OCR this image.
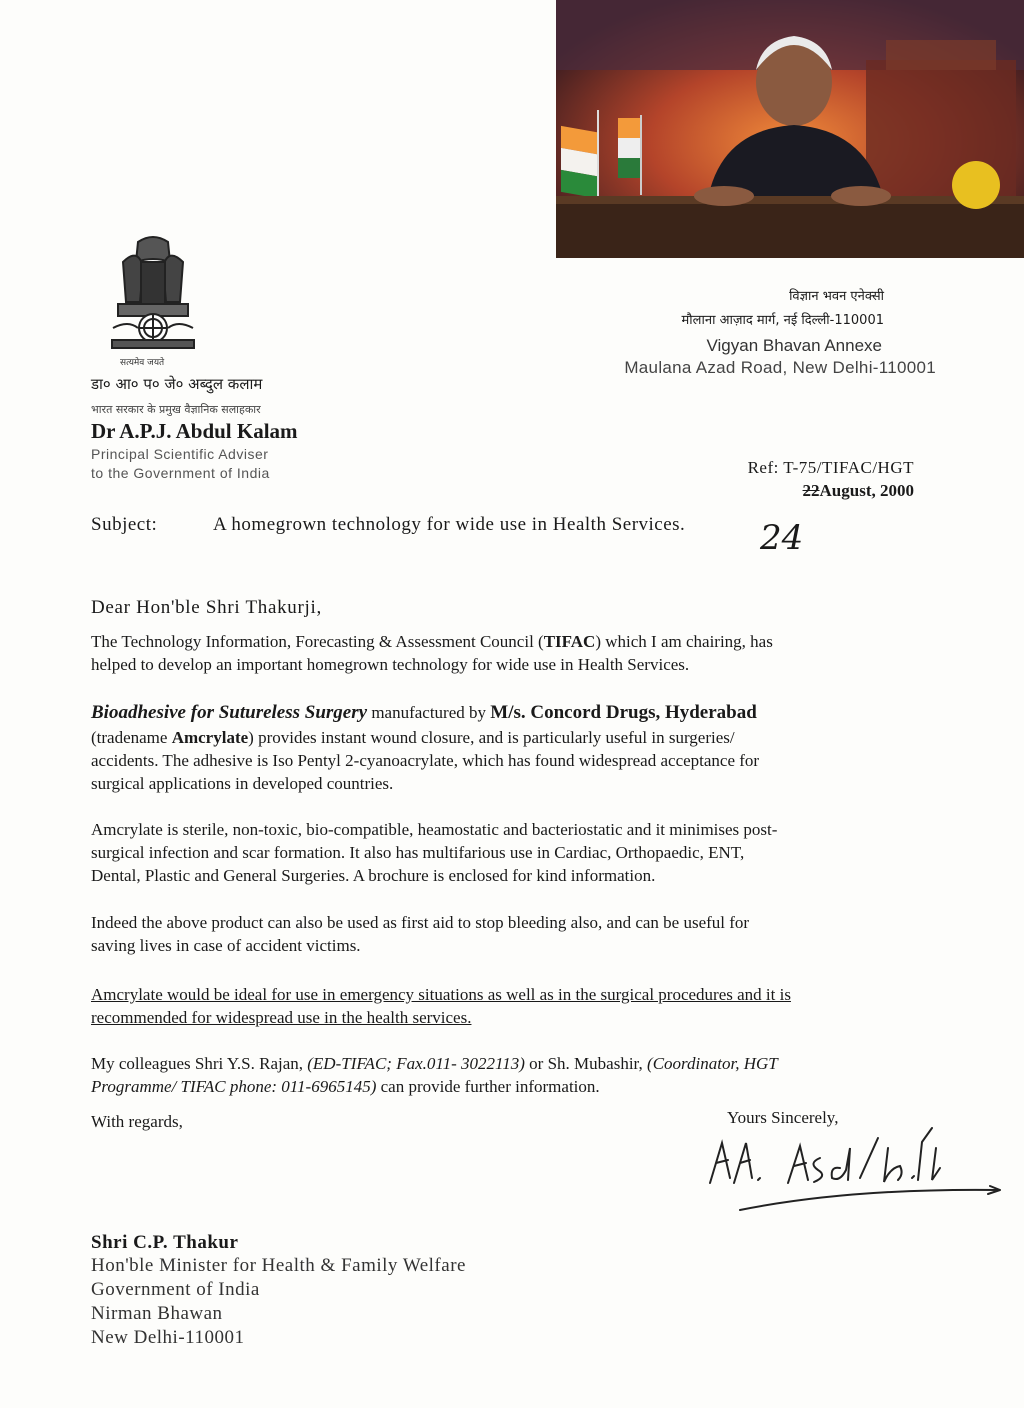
सत्यमेव जयते
डा० आ० प० जे० अब्दुल कलाम
भारत सरकार के प्रमुख वैज्ञानिक सलाहकार
Dr A.P.J. Abdul Kalam
Principal Scientific Adviser
to the Government of India
विज्ञान भवन एनेक्सी
मौलाना आज़ाद मार्ग, नई दिल्ली-110001
Vigyan Bhavan Annexe
Maulana Azad Road, New Delhi-110001
Ref: T-75/TIFAC/HGT
22August, 2000
24
Subject:	A homegrown technology for wide use in Health Services.
Dear Hon'ble Shri Thakurji,
The Technology Information, Forecasting & Assessment Council (TIFAC) which I am chairing, has
helped to develop an important homegrown technology for wide use in Health Services.
Bioadhesive for Sutureless Surgery manufactured by M/s. Concord Drugs, Hyderabad
(tradename Amcrylate) provides instant wound closure, and is particularly useful in surgeries/
accidents. The adhesive is Iso Pentyl 2-cyanoacrylate, which has found widespread acceptance for
surgical applications in developed countries.
Amcrylate is sterile, non-toxic, bio-compatible, heamostatic and bacteriostatic and it minimises post-
surgical infection and scar formation. It also has multifarious use in Cardiac, Orthopaedic, ENT,
Dental, Plastic and General Surgeries. A brochure is enclosed for kind information.
Indeed the above product can also be used as first aid to stop bleeding also, and can be useful for
saving lives in case of accident victims.
Amcrylate would be ideal for use in emergency situations as well as in the surgical procedures and it is
recommended for widespread use in the health services.
My colleagues Shri Y.S. Rajan, (ED-TIFAC; Fax.011- 3022113) or Sh. Mubashir, (Coordinator, HGT
Programme/ TIFAC phone: 011-6965145) can provide further information.
With regards,	Yours Sincerely,
Shri C.P. Thakur
Hon'ble Minister for Health & Family Welfare
Government of India
Nirman Bhawan
New Delhi-110001
